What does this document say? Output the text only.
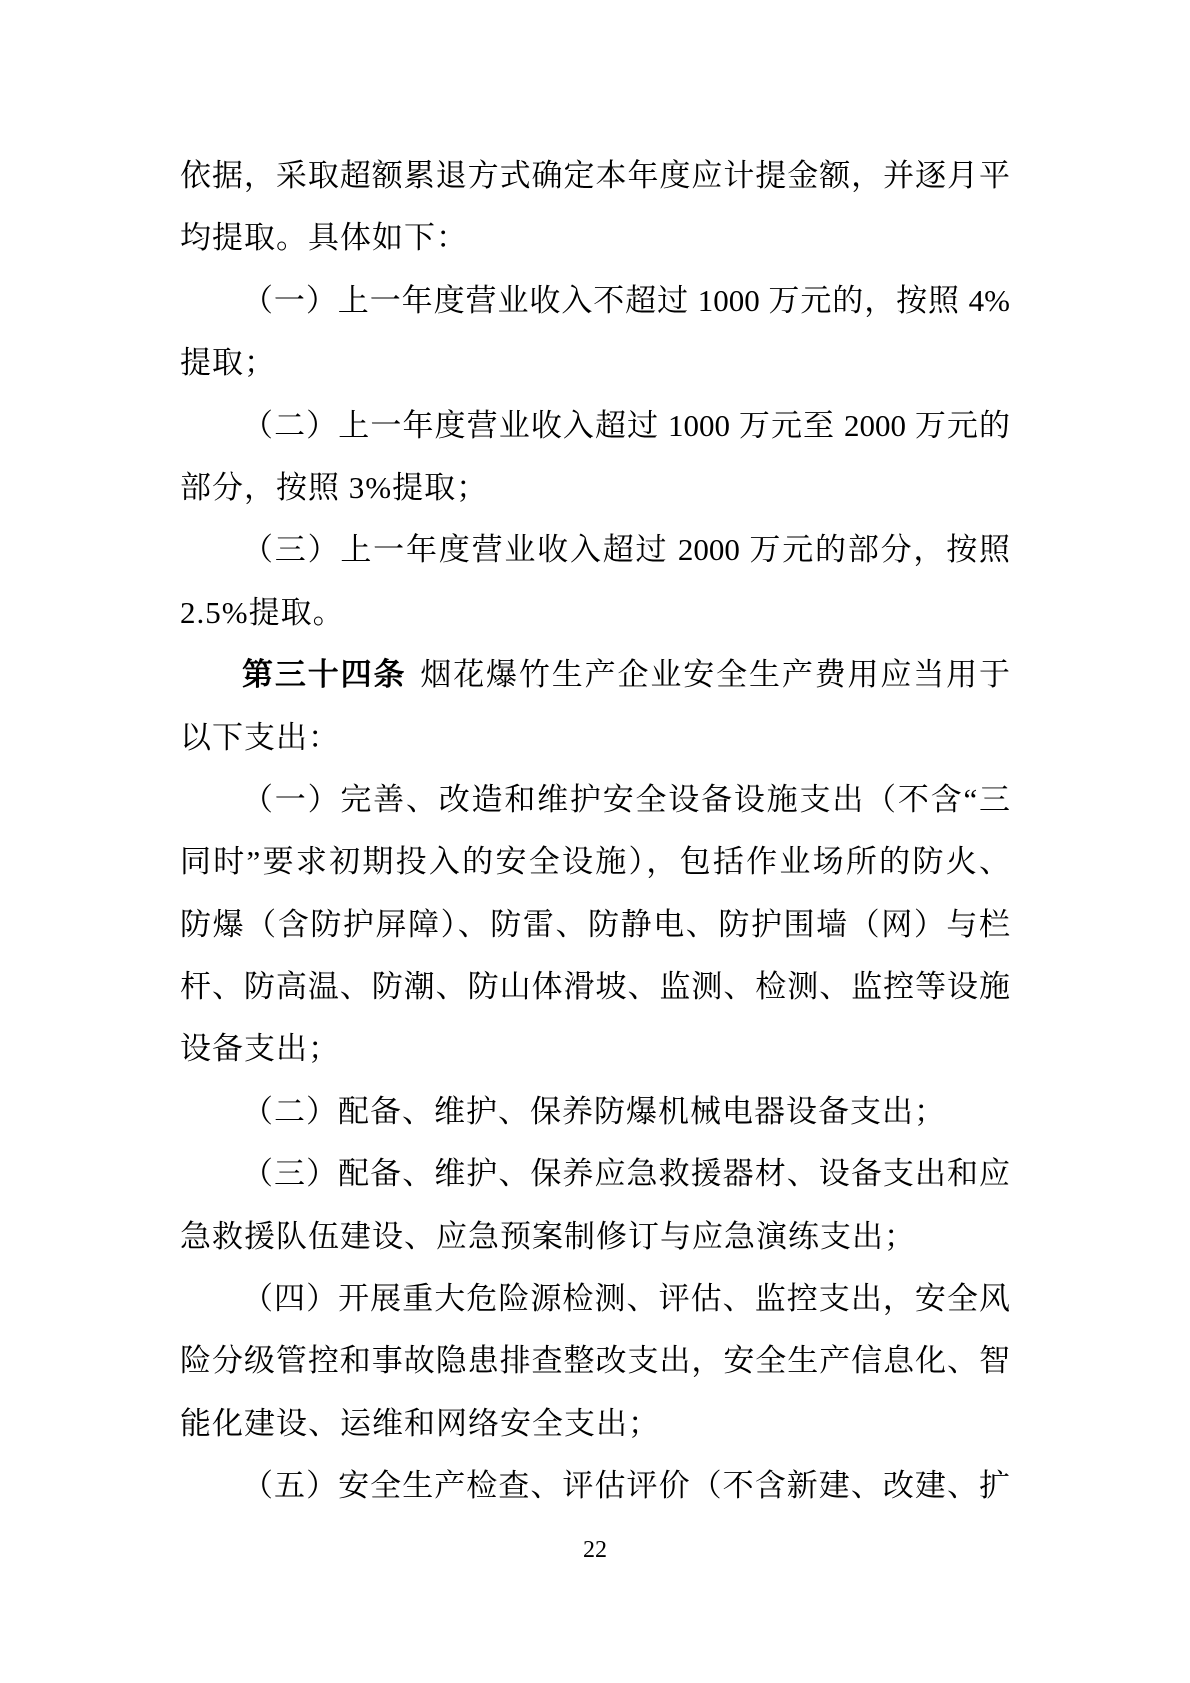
依据，采取超额累退方式确定本年度应计提金额，并逐月平
均提取。具体如下：
（一）上一年度营业收入不超过 1000 万元的，按照 4%
提取；
（二）上一年度营业收入超过 1000 万元至 2000 万元的
部分，按照 3%提取；
（三）上一年度营业收入超过 2000 万元的部分，按照
2.5%提取。
第三十四条 烟花爆竹生产企业安全生产费用应当用于
以下支出：
（一）完善、改造和维护安全设备设施支出（不含“三
同时”要求初期投入的安全设施），包括作业场所的防火、
防爆（含防护屏障）、防雷、防静电、防护围墙（网）与栏
杆、防高温、防潮、防山体滑坡、监测、检测、监控等设施
设备支出；
（二）配备、维护、保养防爆机械电器设备支出；
（三）配备、维护、保养应急救援器材、设备支出和应
急救援队伍建设、应急预案制修订与应急演练支出；
（四）开展重大危险源检测、评估、监控支出，安全风
险分级管控和事故隐患排查整改支出，安全生产信息化、智
能化建设、运维和网络安全支出；
（五）安全生产检查、评估评价（不含新建、改建、扩
22
